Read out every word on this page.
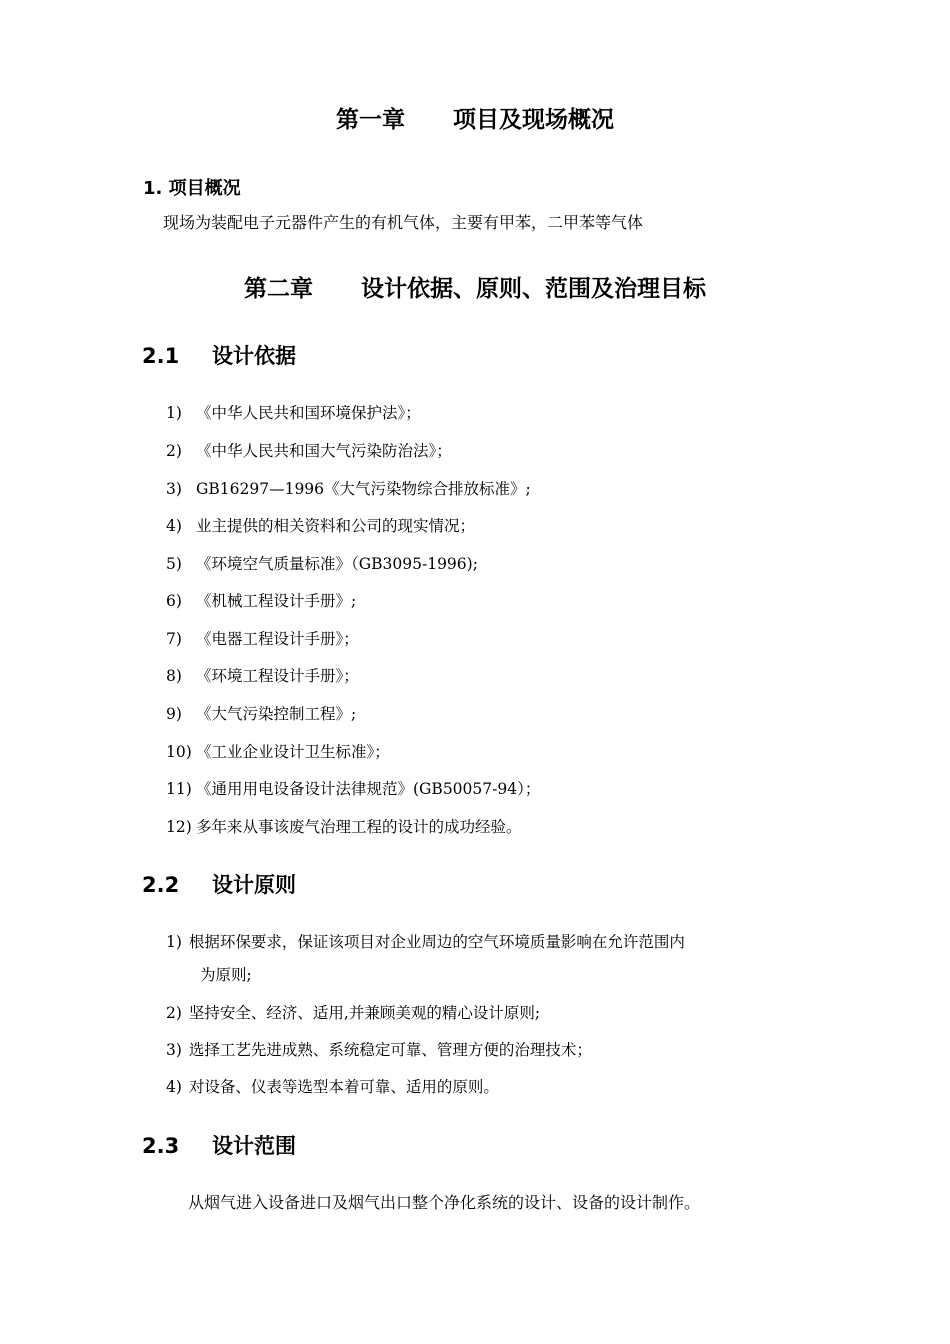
第一章      项目及现场概况
1. 项目概况
现场为装配电子元器件产生的有机气体，主要有甲苯，二甲苯等气体
第二章      设计依据、原则、范围及治理目标
2.1 设计依据
1) 《中华人民共和国环境保护法》；
2) 《中华人民共和国大气污染防治法》；
3) GB16297—1996《大气污染物综合排放标准》;
4) 业主提供的相关资料和公司的现实情况；
5) 《环境空气质量标准》（GB3095-1996);
6) 《机械工程设计手册》;
7) 《电器工程设计手册》；
8) 《环境工程设计手册》；
9) 《大气污染控制工程》;
10) 《工业企业设计卫生标准》；
11) 《通用用电设备设计法律规范》(GB50057-94）；
12) 多年来从事该废气治理工程的设计的成功经验。
2.2 设计原则
1) 根据环保要求，保证该项目对企业周边的空气环境质量影响在允许范围内
为原则;
2) 坚持安全、经济、适用,并兼顾美观的精心设计原则;
3) 选择工艺先进成熟、系统稳定可靠、管理方便的治理技术；
4) 对设备、仪表等选型本着可靠、适用的原则。
2.3 设计范围
从烟气进入设备进口及烟气出口整个净化系统的设计、设备的设计制作。
